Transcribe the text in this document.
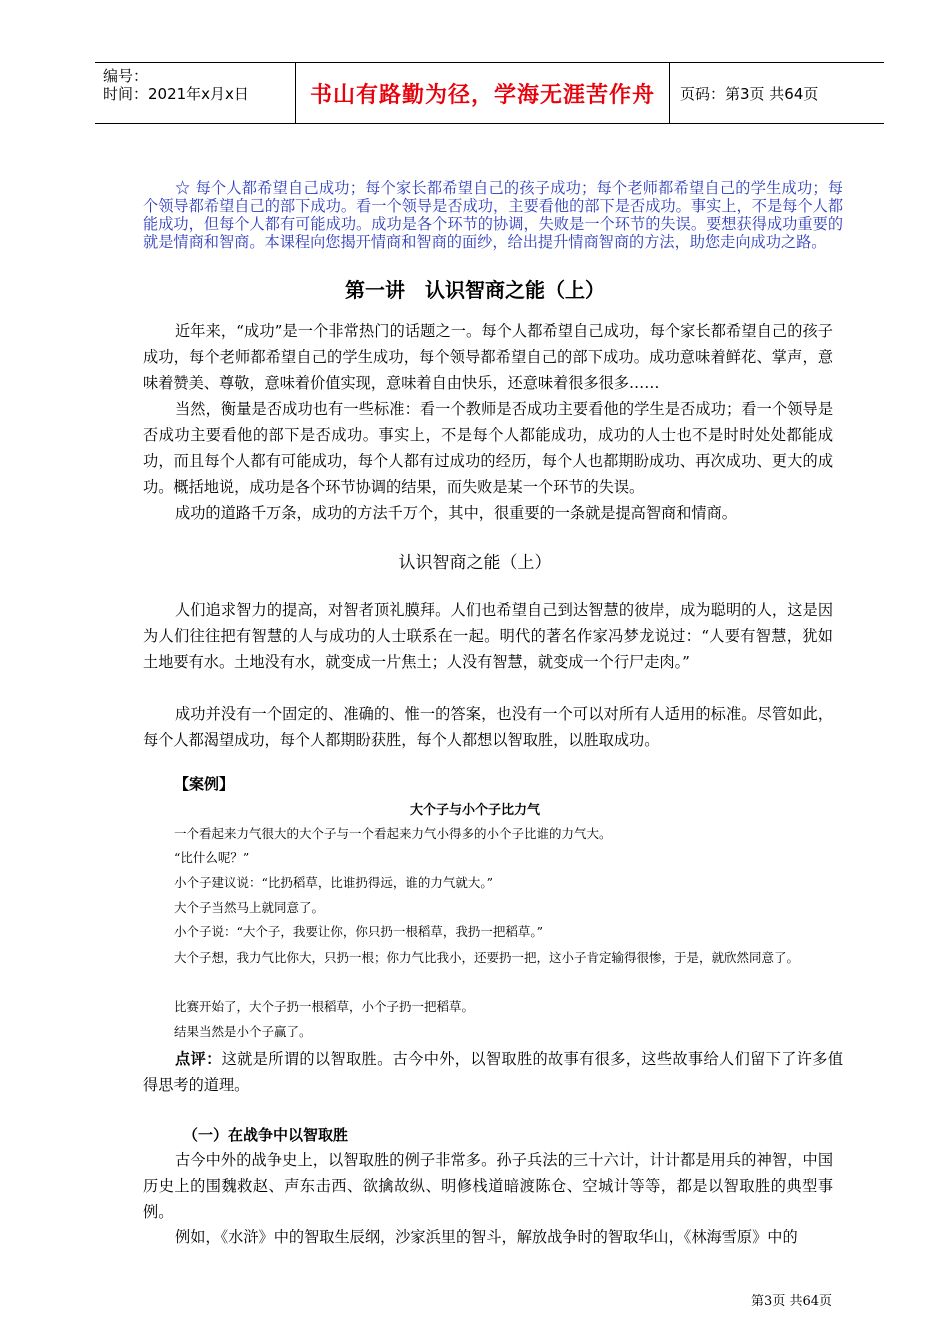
编号：
时间：2021年x月x日	书山有路勤为径，学海无涯苦作舟	页码：第3页 共64页

☆ 每个人都希望自己成功；每个家长都希望自己的孩子成功；每个老师都希望自己的学生成功；每个领导都希望自己的部下成功。看一个领导是否成功，主要看他的部下是否成功。事实上，不是每个人都能成功，但每个人都有可能成功。成功是各个环节的协调，失败是一个环节的失误。要想获得成功重要的就是情商和智商。本课程向您揭开情商和智商的面纱，给出提升情商智商的方法，助您走向成功之路。

第一讲　认识智商之能（上）

近年来，“成功”是一个非常热门的话题之一。每个人都希望自己成功，每个家长都希望自己的孩子成功，每个老师都希望自己的学生成功，每个领导都希望自己的部下成功。成功意味着鲜花、掌声，意味着赞美、尊敬，意味着价值实现，意味着自由快乐，还意味着很多很多……

当然，衡量是否成功也有一些标准：看一个教师是否成功主要看他的学生是否成功；看一个领导是否成功主要看他的部下是否成功。事实上，不是每个人都能成功，成功的人士也不是时时处处都能成功，而且每个人都有可能成功，每个人都有过成功的经历，每个人也都期盼成功、再次成功、更大的成功。概括地说，成功是各个环节协调的结果，而失败是某一个环节的失误。

成功的道路千万条，成功的方法千万个，其中，很重要的一条就是提高智商和情商。

认识智商之能（上）

人们追求智力的提高，对智者顶礼膜拜。人们也希望自己到达智慧的彼岸，成为聪明的人，这是因为人们往往把有智慧的人与成功的人士联系在一起。明代的著名作家冯梦龙说过：“人要有智慧，犹如土地要有水。土地没有水，就变成一片焦土；人没有智慧，就变成一个行尸走肉。”

成功并没有一个固定的、准确的、惟一的答案，也没有一个可以对所有人适用的标准。尽管如此，每个人都渴望成功，每个人都期盼获胜，每个人都想以智取胜，以胜取成功。

【案例】
大个子与小个子比力气

一个看起来力气很大的大个子与一个看起来力气小得多的小个子比谁的力气大。

“比什么呢？”

小个子建议说：“比扔稻草，比谁扔得远，谁的力气就大。”

大个子当然马上就同意了。

小个子说：“大个子，我要让你，你只扔一根稻草，我扔一把稻草。”

大个子想，我力气比你大，只扔一根；你力气比我小，还要扔一把，这小子肯定输得很惨，于是，就欣然同意了。

比赛开始了，大个子扔一根稻草，小个子扔一把稻草。

结果当然是小个子赢了。

点评：这就是所谓的以智取胜。古今中外，以智取胜的故事有很多，这些故事给人们留下了许多值得思考的道理。

（一）在战争中以智取胜

古今中外的战争史上，以智取胜的例子非常多。孙子兵法的三十六计，计计都是用兵的神智，中国历史上的围魏救赵、声东击西、欲擒故纵、明修栈道暗渡陈仓、空城计等等，都是以智取胜的典型事例。

例如，《水浒》中的智取生辰纲，沙家浜里的智斗，解放战争时的智取华山，《林海雪原》中的

第3页 共64页
